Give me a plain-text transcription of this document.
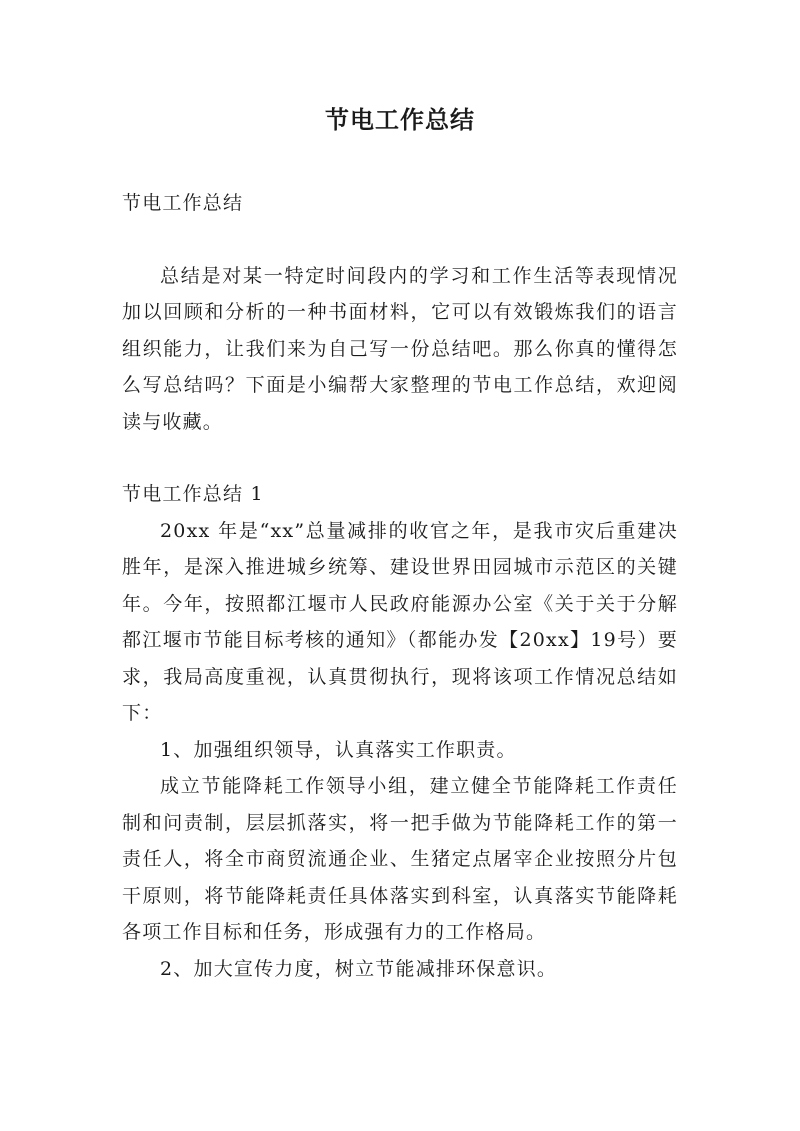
节电工作总结

节电工作总结

总结是对某一特定时间段内的学习和工作生活等表现情况加以回顾和分析的一种书面材料，它可以有效锻炼我们的语言组织能力，让我们来为自己写一份总结吧。那么你真的懂得怎么写总结吗？下面是小编帮大家整理的节电工作总结，欢迎阅读与收藏。

节电工作总结 1

20xx 年是“xx”总量减排的收官之年，是我市灾后重建决胜年，是深入推进城乡统筹、建设世界田园城市示范区的关键年。今年，按照都江堰市人民政府能源办公室《关于关于分解都江堰市节能目标考核的通知》（都能办发【20xx】19号）要求，我局高度重视，认真贯彻执行，现将该项工作情况总结如下：

1、加强组织领导，认真落实工作职责。

成立节能降耗工作领导小组，建立健全节能降耗工作责任制和问责制，层层抓落实，将一把手做为节能降耗工作的第一责任人，将全市商贸流通企业、生猪定点屠宰企业按照分片包干原则，将节能降耗责任具体落实到科室，认真落实节能降耗各项工作目标和任务，形成强有力的工作格局。

2、加大宣传力度，树立节能减排环保意识。
